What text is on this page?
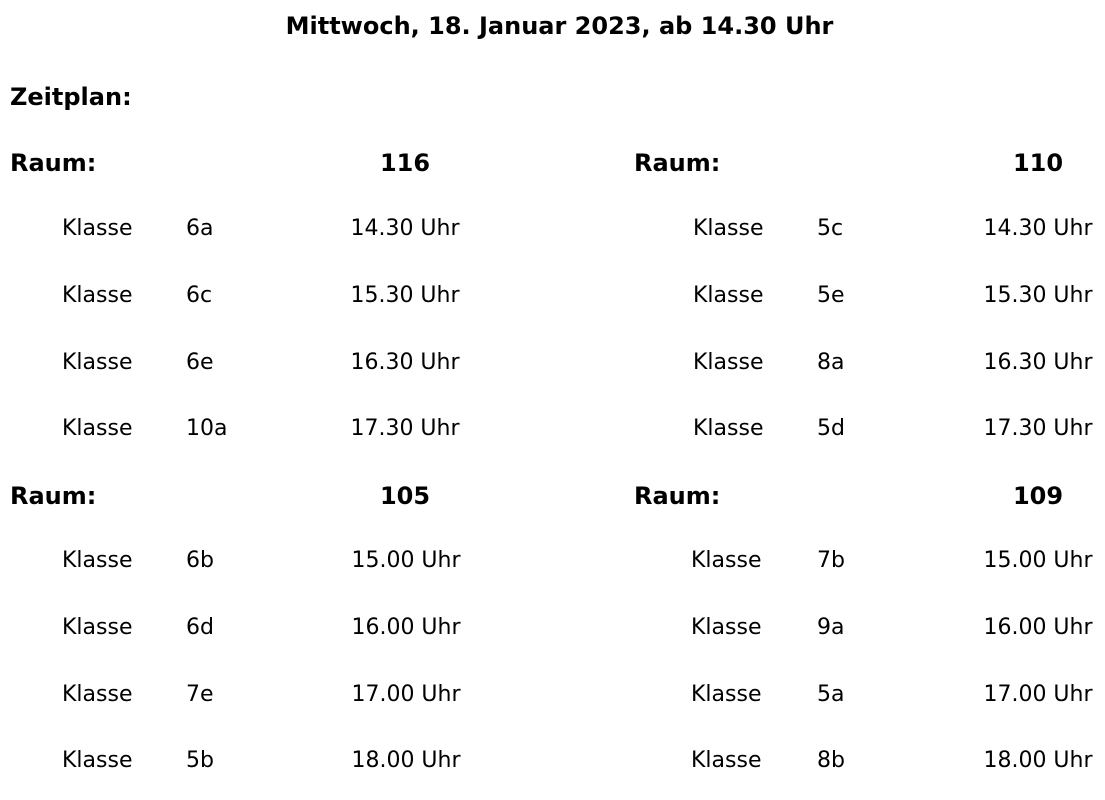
Mittwoch, 18. Januar 2023, ab 14.30 Uhr
Zeitplan:
Raum:	116
Klasse 6a	14.30 Uhr
Klasse 6c	15.30 Uhr
Klasse 6e	16.30 Uhr
Klasse 10a	17.30 Uhr
Raum:	110
Klasse 5c	14.30 Uhr
Klasse 5e	15.30 Uhr
Klasse 8a	16.30 Uhr
Klasse 5d	17.30 Uhr
Raum:	105
Klasse 6b	15.00 Uhr
Klasse 6d	16.00 Uhr
Klasse 7e	17.00 Uhr
Klasse 5b	18.00 Uhr
Raum:	109
Klasse	7b	15.00 Uhr
Klasse	9a	16.00 Uhr
Klasse	5a	17.00 Uhr
Klasse	8b	18.00 Uhr
